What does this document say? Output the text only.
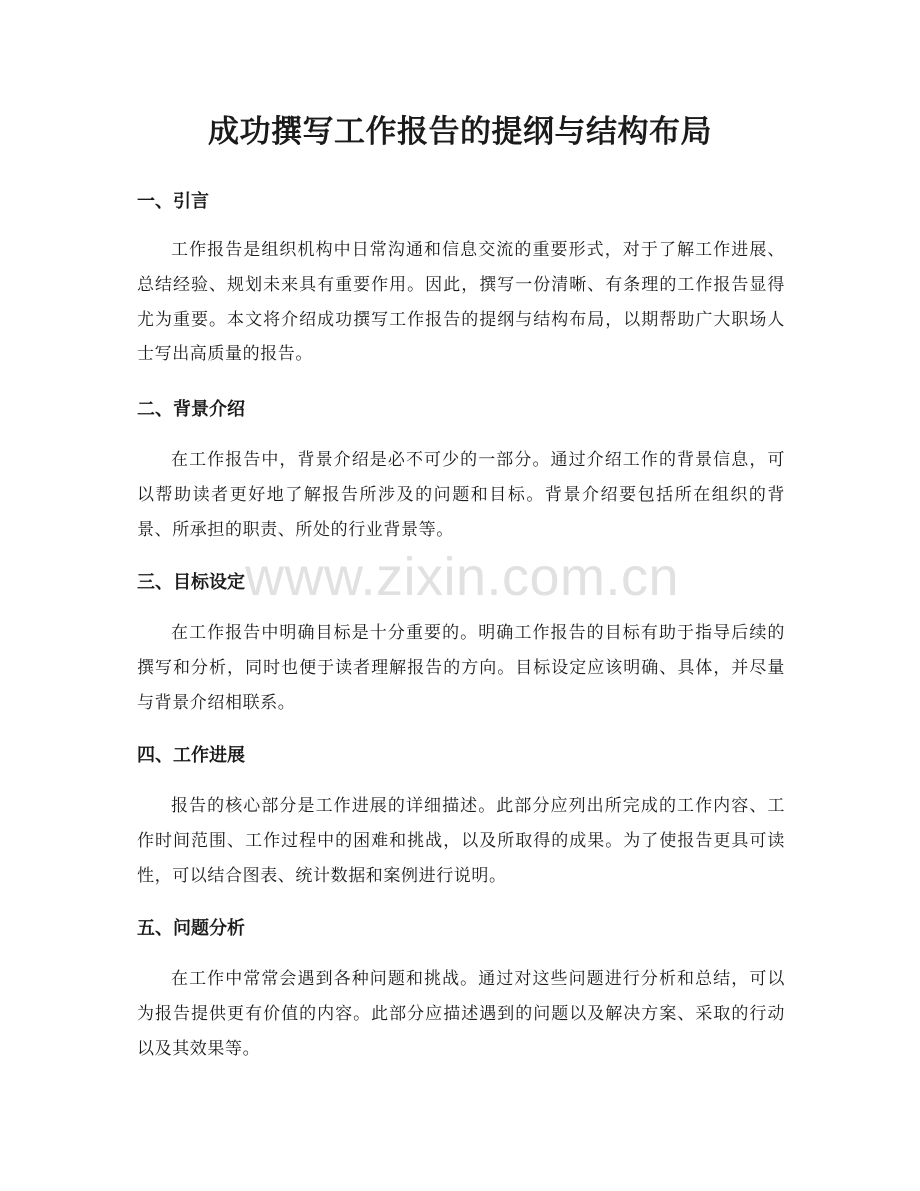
成功撰写工作报告的提纲与结构布局
一、引言

工作报告是组织机构中日常沟通和信息交流的重要形式，对于了解工作进展、总结经验、规划未来具有重要作用。因此，撰写一份清晰、有条理的工作报告显得尤为重要。本文将介绍成功撰写工作报告的提纲与结构布局，以期帮助广大职场人士写出高质量的报告。

二、背景介绍

在工作报告中，背景介绍是必不可少的一部分。通过介绍工作的背景信息，可以帮助读者更好地了解报告所涉及的问题和目标。背景介绍要包括所在组织的背景、所承担的职责、所处的行业背景等。

三、目标设定

在工作报告中明确目标是十分重要的。明确工作报告的目标有助于指导后续的撰写和分析，同时也便于读者理解报告的方向。目标设定应该明确、具体，并尽量与背景介绍相联系。

四、工作进展

报告的核心部分是工作进展的详细描述。此部分应列出所完成的工作内容、工作时间范围、工作过程中的困难和挑战，以及所取得的成果。为了使报告更具可读性，可以结合图表、统计数据和案例进行说明。

五、问题分析

在工作中常常会遇到各种问题和挑战。通过对这些问题进行分析和总结，可以为报告提供更有价值的内容。此部分应描述遇到的问题以及解决方案、采取的行动以及其效果等。

www.zixin.com.cn
